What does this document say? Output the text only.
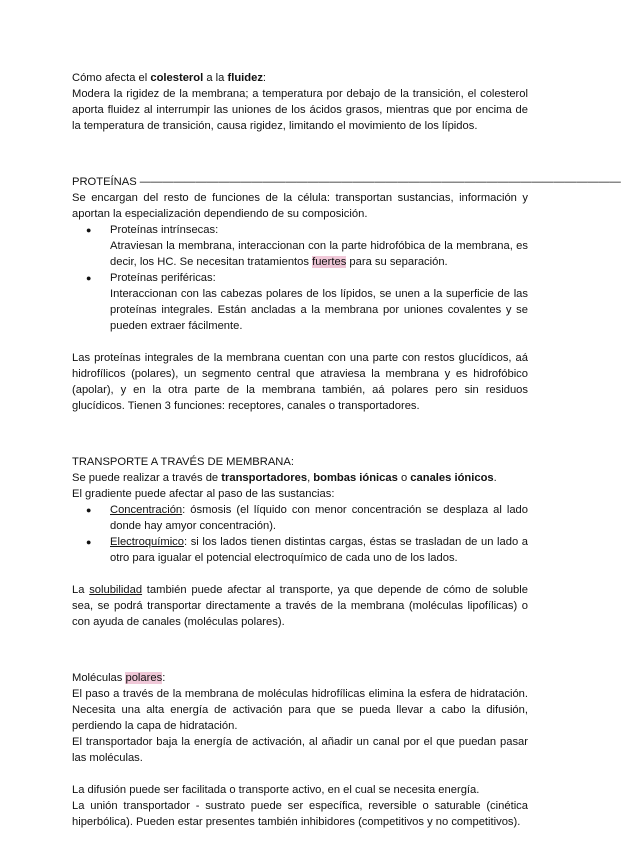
Cómo afecta el colesterol a la fluidez:

Modera la rigidez de la membrana; a temperatura por debajo de la transición, el colesterol aporta fluidez al interrumpir las uniones de los ácidos grasos, mientras que por encima de la temperatura de transición, causa rigidez, limitando el movimiento de los lípidos.

PROTEÍNAS ———————————————————————————————————————————

Se encargan del resto de funciones de la célula: transportan sustancias, información y aportan la especialización dependiendo de su composición.

● Proteínas intrínsecas:

Atraviesan la membrana, interaccionan con la parte hidrofóbica de la membrana, es decir, los HC. Se necesitan tratamientos fuertes para su separación.

● Proteínas periféricas:

Interaccionan con las cabezas polares de los lípidos, se unen a la superficie de las proteínas integrales. Están ancladas a la membrana por uniones covalentes y se pueden extraer fácilmente.

Las proteínas integrales de la membrana cuentan con una parte con restos glucídicos, aá hidrofílicos (polares), un segmento central que atraviesa la membrana y es hidrofóbico (apolar), y en la otra parte de la membrana también, aá polares pero sin residuos glucídicos. Tienen 3 funciones: receptores, canales o transportadores.

TRANSPORTE A TRAVÉS DE MEMBRANA:

Se puede realizar a través de transportadores, bombas iónicas o canales iónicos.

El gradiente puede afectar al paso de las sustancias:

● Concentración: ósmosis (el líquido con menor concentración se desplaza al lado donde hay amyor concentración).

● Electroquímico: si los lados tienen distintas cargas, éstas se trasladan de un lado a otro para igualar el potencial electroquímico de cada uno de los lados.

La solubilidad también puede afectar al transporte, ya que depende de cómo de soluble sea, se podrá transportar directamente a través de la membrana (moléculas lipofílicas) o con ayuda de canales (moléculas polares).

Moléculas polares:

El paso a través de la membrana de moléculas hidrofílicas elimina la esfera de hidratación. Necesita una alta energía de activación para que se pueda llevar a cabo la difusión, perdiendo la capa de hidratación.

El transportador baja la energía de activación, al añadir un canal por el que puedan pasar las moléculas.

La difusión puede ser facilitada o transporte activo, en el cual se necesita energía.

La unión transportador - sustrato puede ser específica, reversible o saturable (cinética hiperbólica). Pueden estar presentes también inhibidores (competitivos y no competitivos).
